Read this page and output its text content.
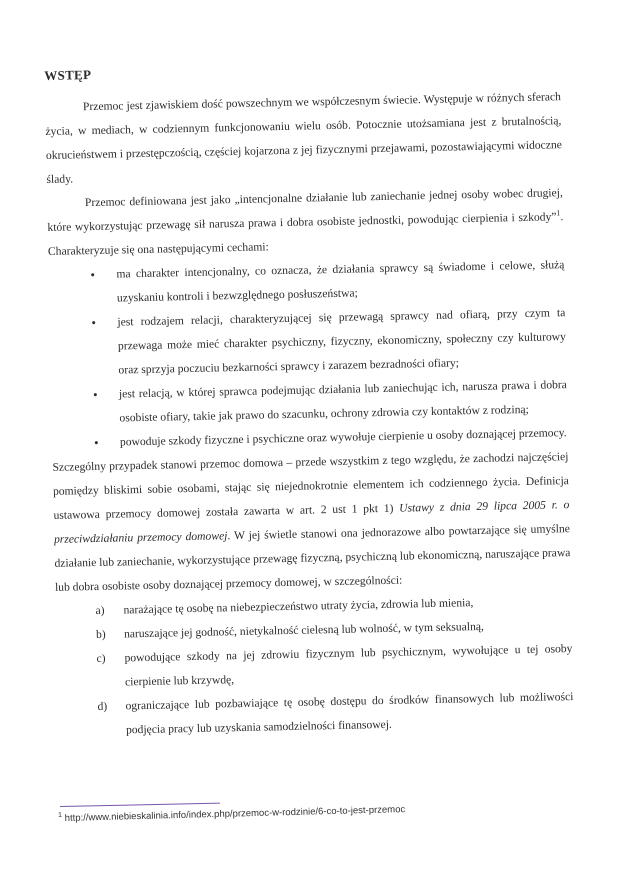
WSTĘP

Przemoc jest zjawiskiem dość powszechnym we współczesnym świecie. Występuje w różnych sferach życia, w mediach, w codziennym funkcjonowaniu wielu osób. Potocznie utożsamiana jest z brutalnością, okrucieństwem i przestępczością, częściej kojarzona z jej fizycznymi przejawami, pozostawiającymi widoczne ślady.

Przemoc definiowana jest jako „intencjonalne działanie lub zaniechanie jednej osoby wobec drugiej, które wykorzystując przewagę sił narusza prawa i dobra osobiste jednostki, powodując cierpienia i szkody”$^1$. Charakteryzuje się ona następującymi cechami:

• ma charakter intencjonalny, co oznacza, że działania sprawcy są świadome i celowe, służą uzyskaniu kontroli i bezwzględnego posłuszeństwa;
• jest rodzajem relacji, charakteryzującej się przewagą sprawcy nad ofiarą, przy czym ta przewaga może mieć charakter psychiczny, fizyczny, ekonomiczny, społeczny czy kulturowy oraz sprzyja poczuciu bezkarności sprawcy i zarazem bezradności ofiary;
• jest relacją, w której sprawca podejmując działania lub zaniechując ich, narusza prawa i dobra osobiste ofiary, takie jak prawo do szacunku, ochrony zdrowia czy kontaktów z rodziną;
• powoduje szkody fizyczne i psychiczne oraz wywołuje cierpienie u osoby doznającej przemocy.

Szczególny przypadek stanowi przemoc domowa – przede wszystkim z tego względu, że zachodzi najczęściej pomiędzy bliskimi sobie osobami, stając się niejednokrotnie elementem ich codziennego życia. Definicja ustawowa przemocy domowej została zawarta w art. 2 ust 1 pkt 1) Ustawy z dnia 29 lipca 2005 r. o przeciwdziałaniu przemocy domowej. W jej świetle stanowi ona jednorazowe albo powtarzające się umyślne działanie lub zaniechanie, wykorzystujące przewagę fizyczną, psychiczną lub ekonomiczną, naruszające prawa lub dobra osobiste osoby doznającej przemocy domowej, w szczególności:

a) narażające tę osobę na niebezpieczeństwo utraty życia, zdrowia lub mienia,
b) naruszające jej godność, nietykalność cielesną lub wolność, w tym seksualną,
c) powodujące szkody na jej zdrowiu fizycznym lub psychicznym, wywołujące u tej osoby cierpienie lub krzywdę,
d) ograniczające lub pozbawiające tę osobę dostępu do środków finansowych lub możliwości podjęcia pracy lub uzyskania samodzielności finansowej.
$^1$ http://www.niebieskalinia.info/index.php/przemoc-w-rodzinie/6-co-to-jest-przemoc
